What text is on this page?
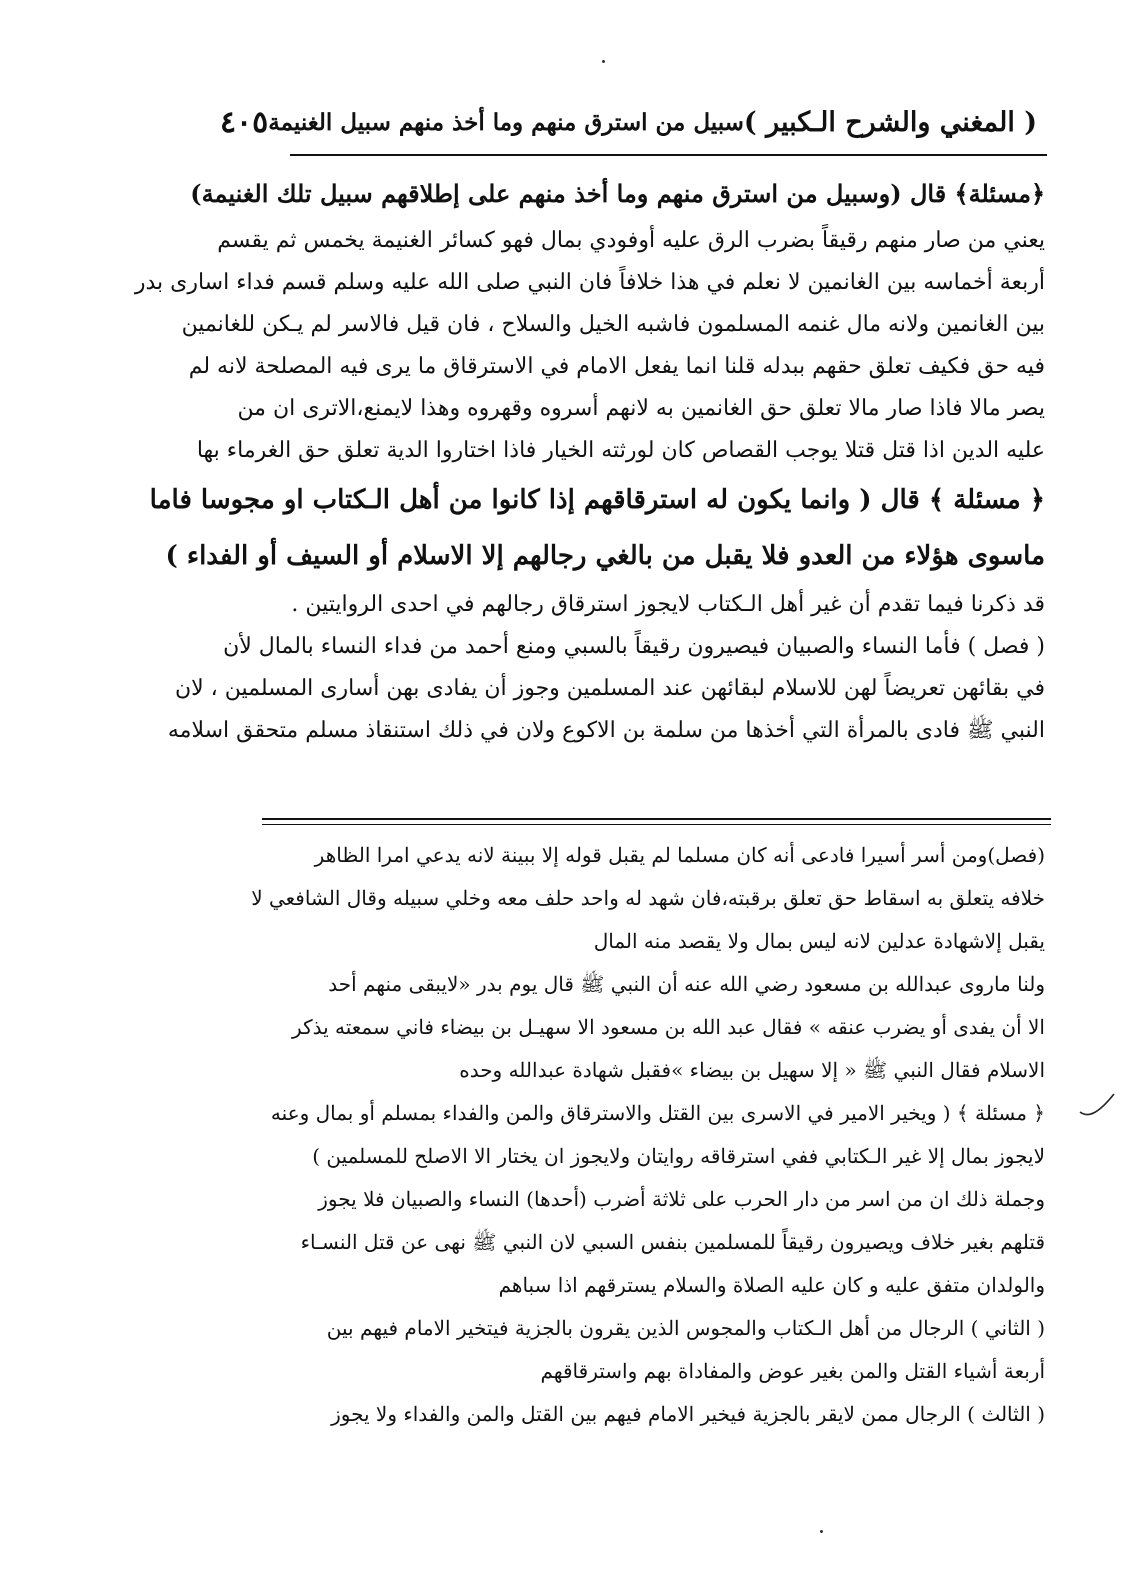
( المغني والشرح الـكبير )
سبيل من استرق منهم وما أخذ منهم سبيل الغنيمة
٤٠٥
﴿مسئلة﴾ قال (وسبيل من استرق منهم وما أخذ منهم على إطلاقهم سبيل تلك الغنيمة)
يعني من صار منهم رقيقاً بضرب الرق عليه أوفودي بمال فهو كسائر الغنيمة يخمس ثم يقسم
أربعة أخماسه بين الغانمين لا نعلم في هذا خلافاً فان النبي صلى الله عليه وسلم قسم فداء اسارى بدر
بين الغانمين ولانه مال غنمه المسلمون فاشبه الخيل والسلاح ، فان قيل فالاسر لم يـكن للغانمين
فيه حق فكيف تعلق حقهم ببدله قلنا انما يفعل الامام في الاسترقاق ما يرى فيه المصلحة لانه لم
يصر مالا فاذا صار مالا تعلق حق الغانمين به لانهم أسروه وقهروه وهذا لايمنع،الاترى ان من
عليه الدين اذا قتل قتلا يوجب القصاص كان لورثته الخيار فاذا اختاروا الدية تعلق حق الغرماء بها
﴿ مسئلة ﴾ قال ( وانما يكون له استرقاقهم إذا كانوا من أهل الـكتاب او مجوسا فاما
ماسوى هؤلاء من العدو فلا يقبل من بالغي رجالهم إلا الاسلام أو السيف أو الفداء )
قد ذكرنا فيما تقدم أن غير أهل الـكتاب لايجوز استرقاق رجالهم في احدى الروايتين .
( فصل ) فأما النساء والصبيان فيصيرون رقيقاً بالسبي ومنع أحمد من فداء النساء بالمال لأن
في بقائهن تعريضاً لهن للاسلام لبقائهن عند المسلمين وجوز أن يفادى بهن أسارى المسلمين ، لان
النبي ﷺ فادى بالمرأة التي أخذها من سلمة بن الاكوع ولان في ذلك استنقاذ مسلم متحقق اسلامه
(فصل)ومن أسر أسيرا فادعى أنه كان مسلما لم يقبل قوله إلا ببينة لانه يدعي امرا الظاهر
خلافه يتعلق به اسقاط حق تعلق برقبته،فان شهد له واحد حلف معه وخلي سبيله وقال الشافعي لا
يقبل إلاشهادة عدلين لانه ليس بمال ولا يقصد منه المال
ولنا ماروى عبدالله بن مسعود رضي الله عنه أن النبي ﷺ قال يوم بدر «لايبقى منهم أحد
الا أن يفدى أو يضرب عنقه » فقال عبد الله بن مسعود الا سهيـل بن بيضاء فاني سمعته يذكر
الاسلام فقال النبي ﷺ « إلا سهيل بن بيضاء »فقبل شهادة عبدالله وحده
﴿ مسئلة ﴾ ( ويخير الامير في الاسرى بين القتل والاسترقاق والمن والفداء بمسلم أو بمال وعنه
لايجوز بمال إلا غير الـكتابي ففي استرقاقه روايتان ولايجوز ان يختار الا الاصلح للمسلمين )
وجملة ذلك ان من اسر من دار الحرب على ثلاثة أضرب (أحدها) النساء والصبيان فلا يجوز
قتلهم بغير خلاف ويصيرون رقيقاً للمسلمين بنفس السبي لان النبي ﷺ نهى عن قتل النسـاء
والولدان متفق عليه و كان عليه الصلاة والسلام يسترقهم اذا سباهم
( الثاني ) الرجال من أهل الـكتاب والمجوس الذين يقرون بالجزية فيتخير الامام فيهم بين
أربعة أشياء القتل والمن بغير عوض والمفاداة بهم واسترقاقهم
( الثالث ) الرجال ممن لايقر بالجزية فيخير الامام فيهم بين القتل والمن والفداء ولا يجوز
